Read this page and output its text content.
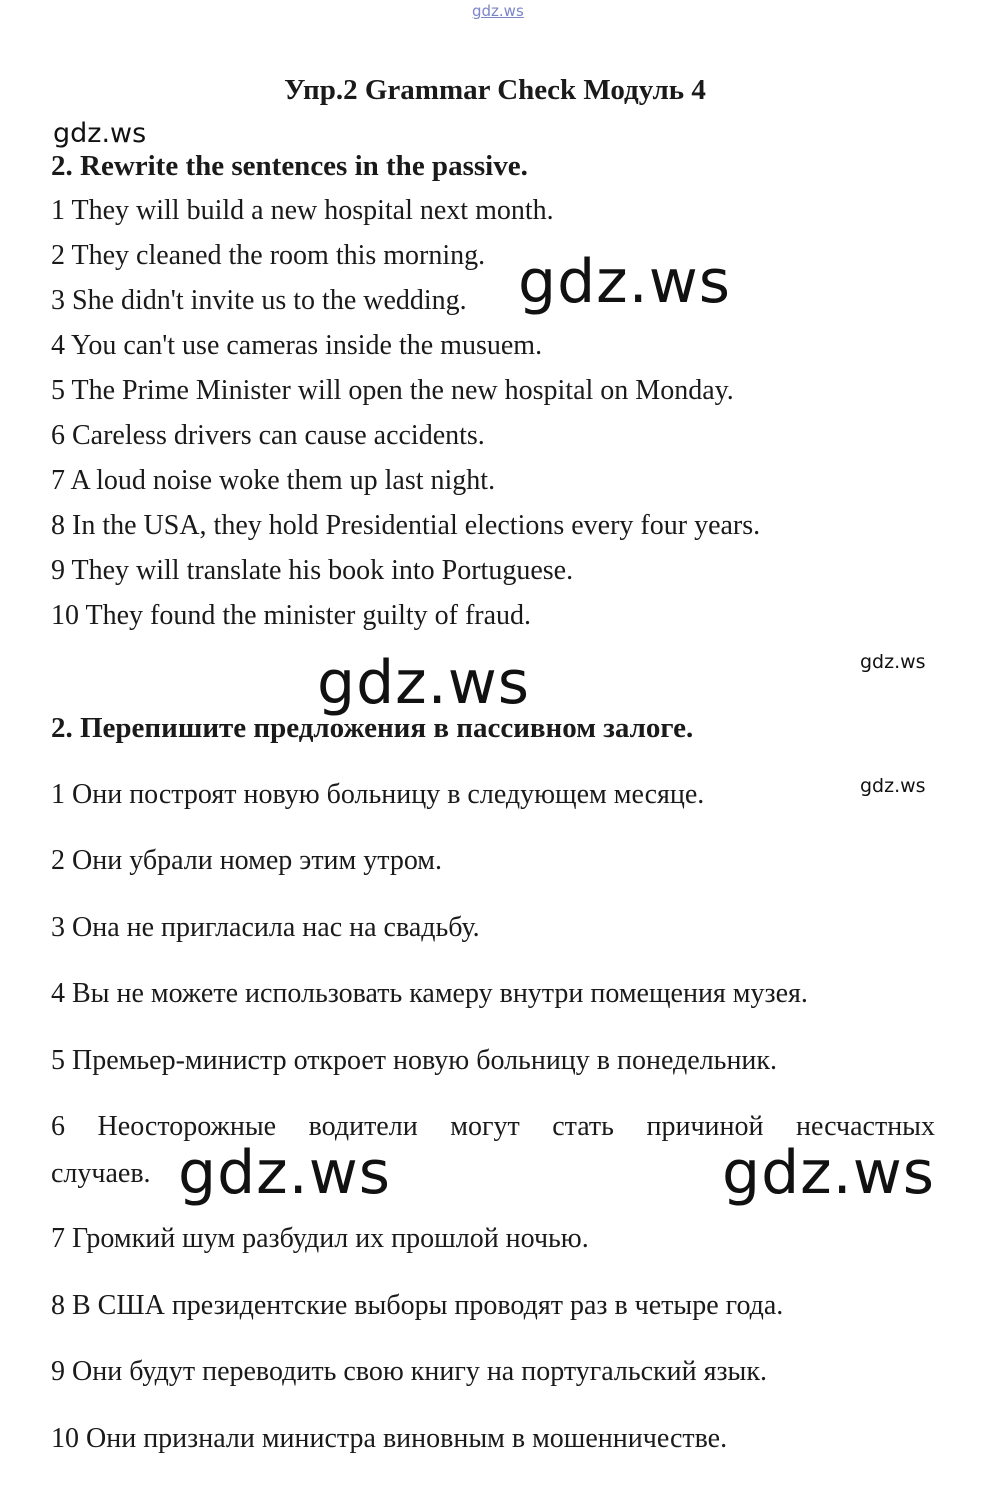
gdz.ws
gdz.ws
gdz.ws
gdz.ws	gdz.ws
gdz.ws
gdz.ws	gdz.ws
Упр.2 Grammar Check Модуль 4
2. Rewrite the sentences in the passive.
1 They will build a new hospital next month.
2 They cleaned the room this morning.
3 She didn't invite us to the wedding.
4 You can't use cameras inside the musuem.
5 The Prime Minister will open the new hospital on Monday.
6 Careless drivers can cause accidents.
7 A loud noise woke them up last night.
8 In the USA, they hold Presidential elections every four years.
9 They will translate his book into Portuguese.
10 They found the minister guilty of fraud.
2. Перепишите предложения в пассивном залоге.
1 Они построят новую больницу в следующем месяце.
2 Они убрали номер этим утром.
3 Она не пригласила нас на свадьбу.
4 Вы не можете использовать камеру внутри помещения музея.
5 Премьер-министр откроет новую больницу в понедельник.
6 Неосторожные водители могут стать причиной несчастных
случаев.
7 Громкий шум разбудил их прошлой ночью.
8 В США президентские выборы проводят раз в четыре года.
9 Они будут переводить свою книгу на португальский язык.
10 Они признали министра виновным в мошенничестве.
